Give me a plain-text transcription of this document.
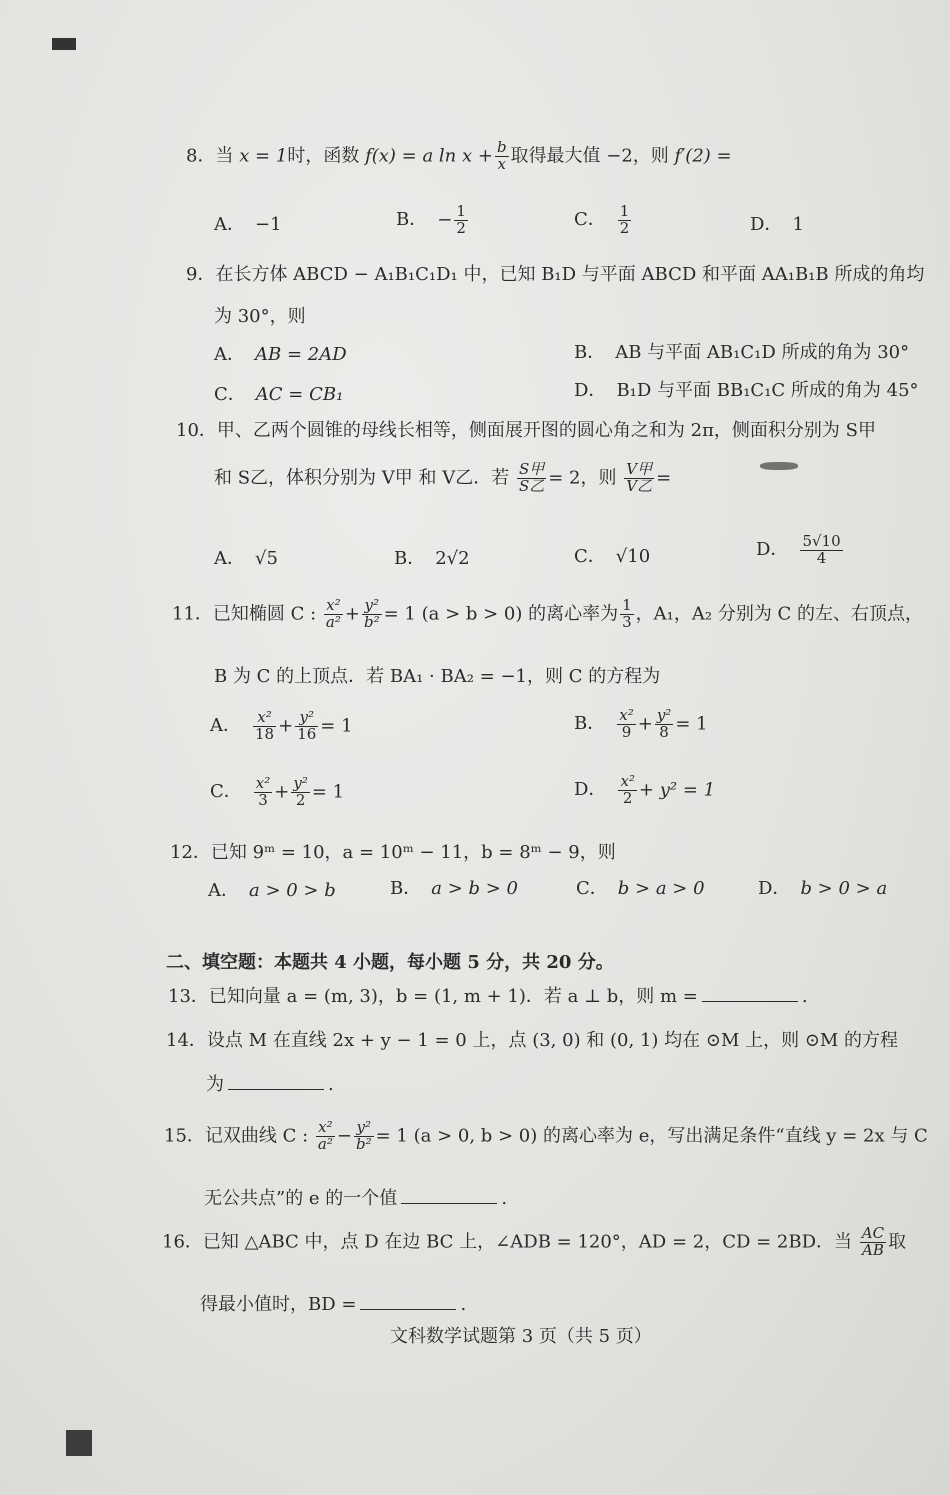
8．当 x = 1时，函数 f(x) = a $\ln x + \frac{b}{x}$ 取得最大值 −2，则 f′(2) =
A． −1	B． − $\frac{1}{2}$	C． $\frac{1}{2}$	D． 1
9．在长方体 ABCD − A₁B₁C₁D₁ 中，已知 B₁D 与平面 ABCD 和平面 AA₁B₁B 所成的角均
为 30°，则
A． AB = 2AD	B． AB 与平面 AB₁C₁D 所成的角为 30°
C． AC = CB₁	D． B₁D 与平面 BB₁C₁C 所成的角为 45°
10．甲、乙两个圆锥的母线长相等，侧面展开图的圆心角之和为 2π，侧面积分别为 S甲
和 S乙，体积分别为 V甲 和 V乙．若 $\frac{\text{S甲}}{\text{S乙}} = 2$，则 $\frac{\text{V甲}}{\text{V乙}}$ =
A． √5	B． 2√2	C． √10	D． $\frac{5√10}{4}$
11．已知椭圆 C : $\frac{\text{x²}}{\text{a²}} + \frac{\text{y²}}{\text{b²}} = 1$ (a > b > 0) 的离心率为 $\frac{1}{3}$ ，A₁，A₂ 分别为 C 的左、右顶点，
B 为 C 的上顶点．若 BA₁ · BA₂ = −1，则 C 的方程为
A． $\frac{\text{x²}}{18} + \frac{\text{y²}}{16} = 1$	B． $\frac{\text{x²}}{9} + \frac{\text{y²}}{8} = 1$
C． $\frac{\text{x²}}{3} + \frac{\text{y²}}{2} = 1$	D． $\frac{\text{x²}}{2} + y^2 = 1$
12．已知 9ᵐ = 10，a = 10ᵐ − 11，b = 8ᵐ − 9，则
A． a > 0 > b	B． a > b > 0	C． b > a > 0	D． b > 0 > a
二、填空题：本题共 4 小题，每小题 5 分，共 20 分。
13．已知向量 a = (m, 3)，b = (1, m + 1)．若 a ⊥ b，则 m =	.
14．设点 M 在直线 2x + y − 1 = 0 上，点 (3, 0) 和 (0, 1) 均在 ⊙M 上，则 ⊙M 的方程
为	.
15．记双曲线 C : $\frac{\text{x²}}{\text{a²}} - \frac{\text{y²}}{\text{b²}} = 1$ (a > 0, b > 0) 的离心率为 e，写出满足条件“直线 y = 2x 与 C
无公共点”的 e 的一个值	.
16．已知 △ABC 中，点 D 在边 BC 上，∠ADB = 120°，AD = 2，CD = 2BD．当 $\frac{AC}{AB}$ 取
得最小值时，BD =	.
文科数学试题第 3 页（共 5 页）
